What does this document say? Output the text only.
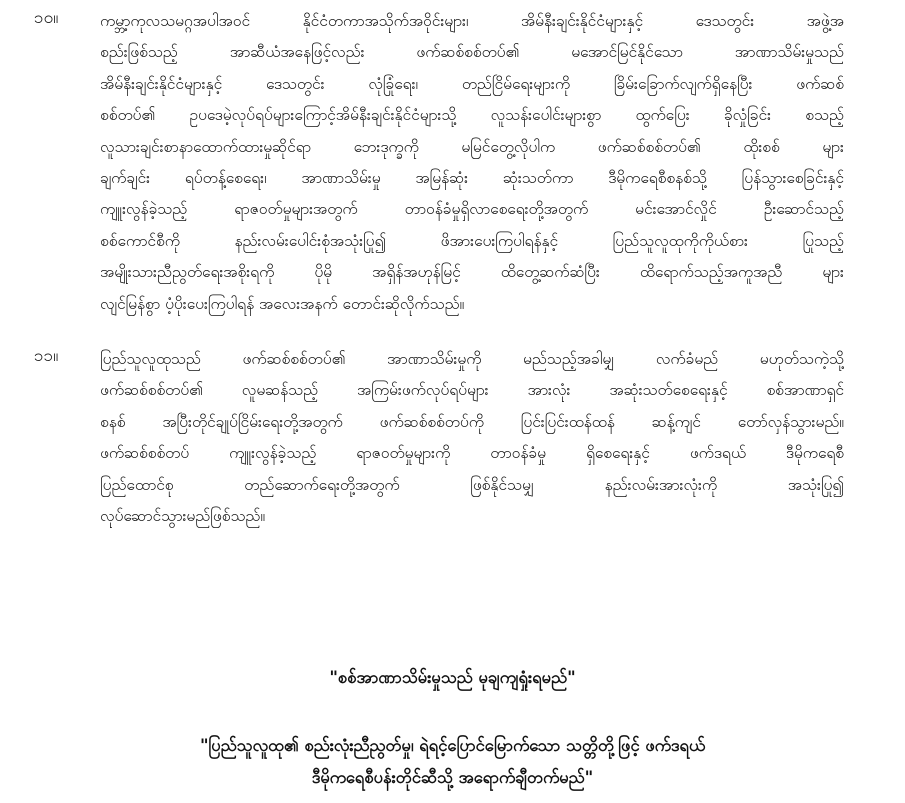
၁၀။	ကမ္ဘာ့ကုလသမဂ္ဂအပါအဝင် နိုင်ငံတကာအသိုက်အဝိုင်းများ၊ အိမ်နီးချင်းနိုင်ငံများနှင့် ဒေသတွင်း အဖွဲ့အ
စည်းဖြစ်သည့် အာဆီယံအနေဖြင့်လည်း ဖက်ဆစ်စစ်တပ်၏ မအောင်မြင်နိုင်သော အာဏာသိမ်းမှုသည်
အိမ်နီးချင်းနိုင်ငံများနှင့် ဒေသတွင်း လုံခြုံရေး၊ တည်ငြိမ်ရေးများကို ခြိမ်းခြောက်လျက်ရှိနေပြီး ဖက်ဆစ်
စစ်တပ်၏ ဥပဒေမဲ့လုပ်ရပ်များကြောင့်အိမ်နီးချင်းနိုင်ငံများသို့ လူသန်းပေါင်းများစွာ ထွက်ပြေး ခိုလှုံခြင်း စသည့်
လူသားချင်းစာနာထောက်ထားမှုဆိုင်ရာ ဘေးဒုက္ခကို မမြင်တွေ့လိုပါက ဖက်ဆစ်စစ်တပ်၏ ထိုးစစ် များ
ချက်ချင်း ရပ်တန့်စေရေး၊ အာဏာသိမ်းမှု အမြန်ဆုံး ဆုံးသတ်ကာ ဒီမိုကရေစီစနစ်သို့ ပြန်သွားစေခြင်းနှင့်
ကျူးလွန်ခဲ့သည့် ရာဇဝတ်မှုများအတွက် တာဝန်ခံမှုရှိလာစေရေးတို့အတွက် မင်းအောင်လှိုင် ဦးဆောင်သည့်
စစ်ကောင်စီကို နည်းလမ်းပေါင်းစုံအသုံးပြု၍ ဖိအားပေးကြပါရန်နှင့် ပြည်သူလူထုကိုကိုယ်စား ပြုသည့်
အမျိုးသားညီညွတ်ရေးအစိုးရကို ပိုမို အရှိန်အဟုန်မြင့် ထိတွေ့ဆက်ဆံပြီး ထိရောက်သည့်အကူအညီ များ
လျင်မြန်စွာ ပံ့ပိုးပေးကြပါရန် အလေးအနက် တောင်းဆိုလိုက်သည်။
၁၁။	ပြည်သူလူထုသည် ဖက်ဆစ်စစ်တပ်၏ အာဏာသိမ်းမှုကို မည်သည့်အခါမျှ လက်ခံမည် မဟုတ်သကဲ့သို့
ဖက်ဆစ်စစ်တပ်၏ လူမဆန်သည့် အကြမ်းဖက်လုပ်ရပ်များ အားလုံး အဆုံးသတ်စေရေးနှင့် စစ်အာဏာရှင်
စနစ် အပြီးတိုင်ချုပ်ငြိမ်းရေးတို့အတွက် ဖက်ဆစ်စစ်တပ်ကို ပြင်းပြင်းထန်ထန် ဆန့်ကျင် တော်လှန်သွားမည်။
ဖက်ဆစ်စစ်တပ် ကျူးလွန်ခဲ့သည့် ရာဇဝတ်မှုများကို တာဝန်ခံမှု ရှိစေရေးနှင့် ဖက်ဒရယ် ဒီမိုကရေစီ
ပြည်ထောင်စု တည်ဆောက်ရေးတို့အတွက် ဖြစ်နိုင်သမျှ နည်းလမ်းအားလုံးကို အသုံးပြု၍
လုပ်ဆောင်သွားမည်ဖြစ်သည်။
"စစ်အာဏာသိမ်းမှုသည် မုချကျရှုံးရမည်"
"ပြည်သူလူထု၏ စည်းလုံးညီညွတ်မှု၊ ရဲရင့်ပြောင်မြောက်သော သတ္တိတို့ဖြင့် ဖက်ဒရယ်
ဒီမိုကရေစီပန်းတိုင်ဆီသို့ အရောက်ချီတက်မည်"
